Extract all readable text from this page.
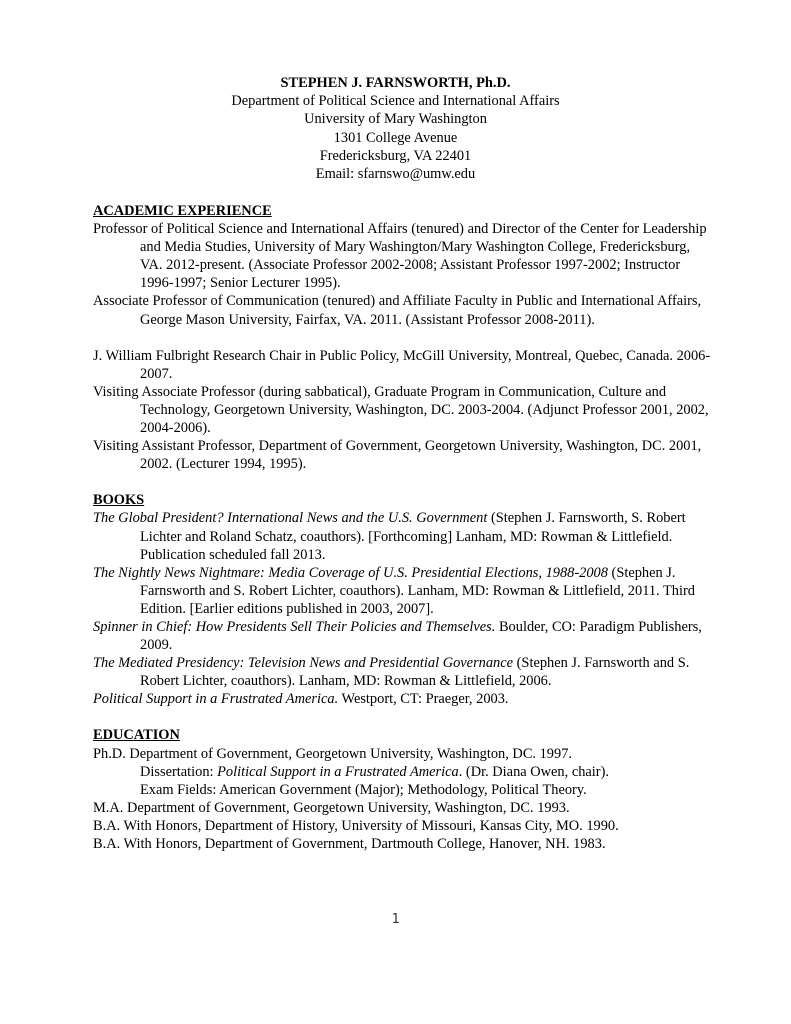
STEPHEN J. FARNSWORTH, Ph.D.
Department of Political Science and International Affairs
University of Mary Washington
1301 College Avenue
Fredericksburg, VA 22401
Email: sfarnswo@umw.edu

ACADEMIC EXPERIENCE

Professor of Political Science and International Affairs (tenured) and Director of the Center for Leadership and Media Studies, University of Mary Washington/Mary Washington College, Fredericksburg, VA. 2012-present. (Associate Professor 2002-2008; Assistant Professor 1997-2002; Instructor 1996-1997; Senior Lecturer 1995).

Associate Professor of Communication (tenured) and Affiliate Faculty in Public and International Affairs, George Mason University, Fairfax, VA. 2011. (Assistant Professor 2008-2011).

J. William Fulbright Research Chair in Public Policy, McGill University, Montreal, Quebec, Canada. 2006-2007.

Visiting Associate Professor (during sabbatical), Graduate Program in Communication, Culture and Technology, Georgetown University, Washington, DC. 2003-2004. (Adjunct Professor 2001, 2002, 2004-2006).

Visiting Assistant Professor, Department of Government, Georgetown University, Washington, DC. 2001, 2002. (Lecturer 1994, 1995).

BOOKS

The Global President? International News and the U.S. Government (Stephen J. Farnsworth, S. Robert Lichter and Roland Schatz, coauthors). [Forthcoming] Lanham, MD: Rowman & Littlefield. Publication scheduled fall 2013.

The Nightly News Nightmare: Media Coverage of U.S. Presidential Elections, 1988-2008 (Stephen J. Farnsworth and S. Robert Lichter, coauthors). Lanham, MD: Rowman & Littlefield, 2011. Third Edition. [Earlier editions published in 2003, 2007].

Spinner in Chief: How Presidents Sell Their Policies and Themselves. Boulder, CO: Paradigm Publishers, 2009.

The Mediated Presidency: Television News and Presidential Governance (Stephen J. Farnsworth and S. Robert Lichter, coauthors). Lanham, MD: Rowman & Littlefield, 2006.

Political Support in a Frustrated America. Westport, CT: Praeger, 2003.

EDUCATION

Ph.D. Department of Government, Georgetown University, Washington, DC. 1997.

Dissertation: Political Support in a Frustrated America. (Dr. Diana Owen, chair).

Exam Fields: American Government (Major); Methodology, Political Theory.

M.A. Department of Government, Georgetown University, Washington, DC. 1993.

B.A. With Honors, Department of History, University of Missouri, Kansas City, MO. 1990.

B.A. With Honors, Department of Government, Dartmouth College, Hanover, NH. 1983.

1
